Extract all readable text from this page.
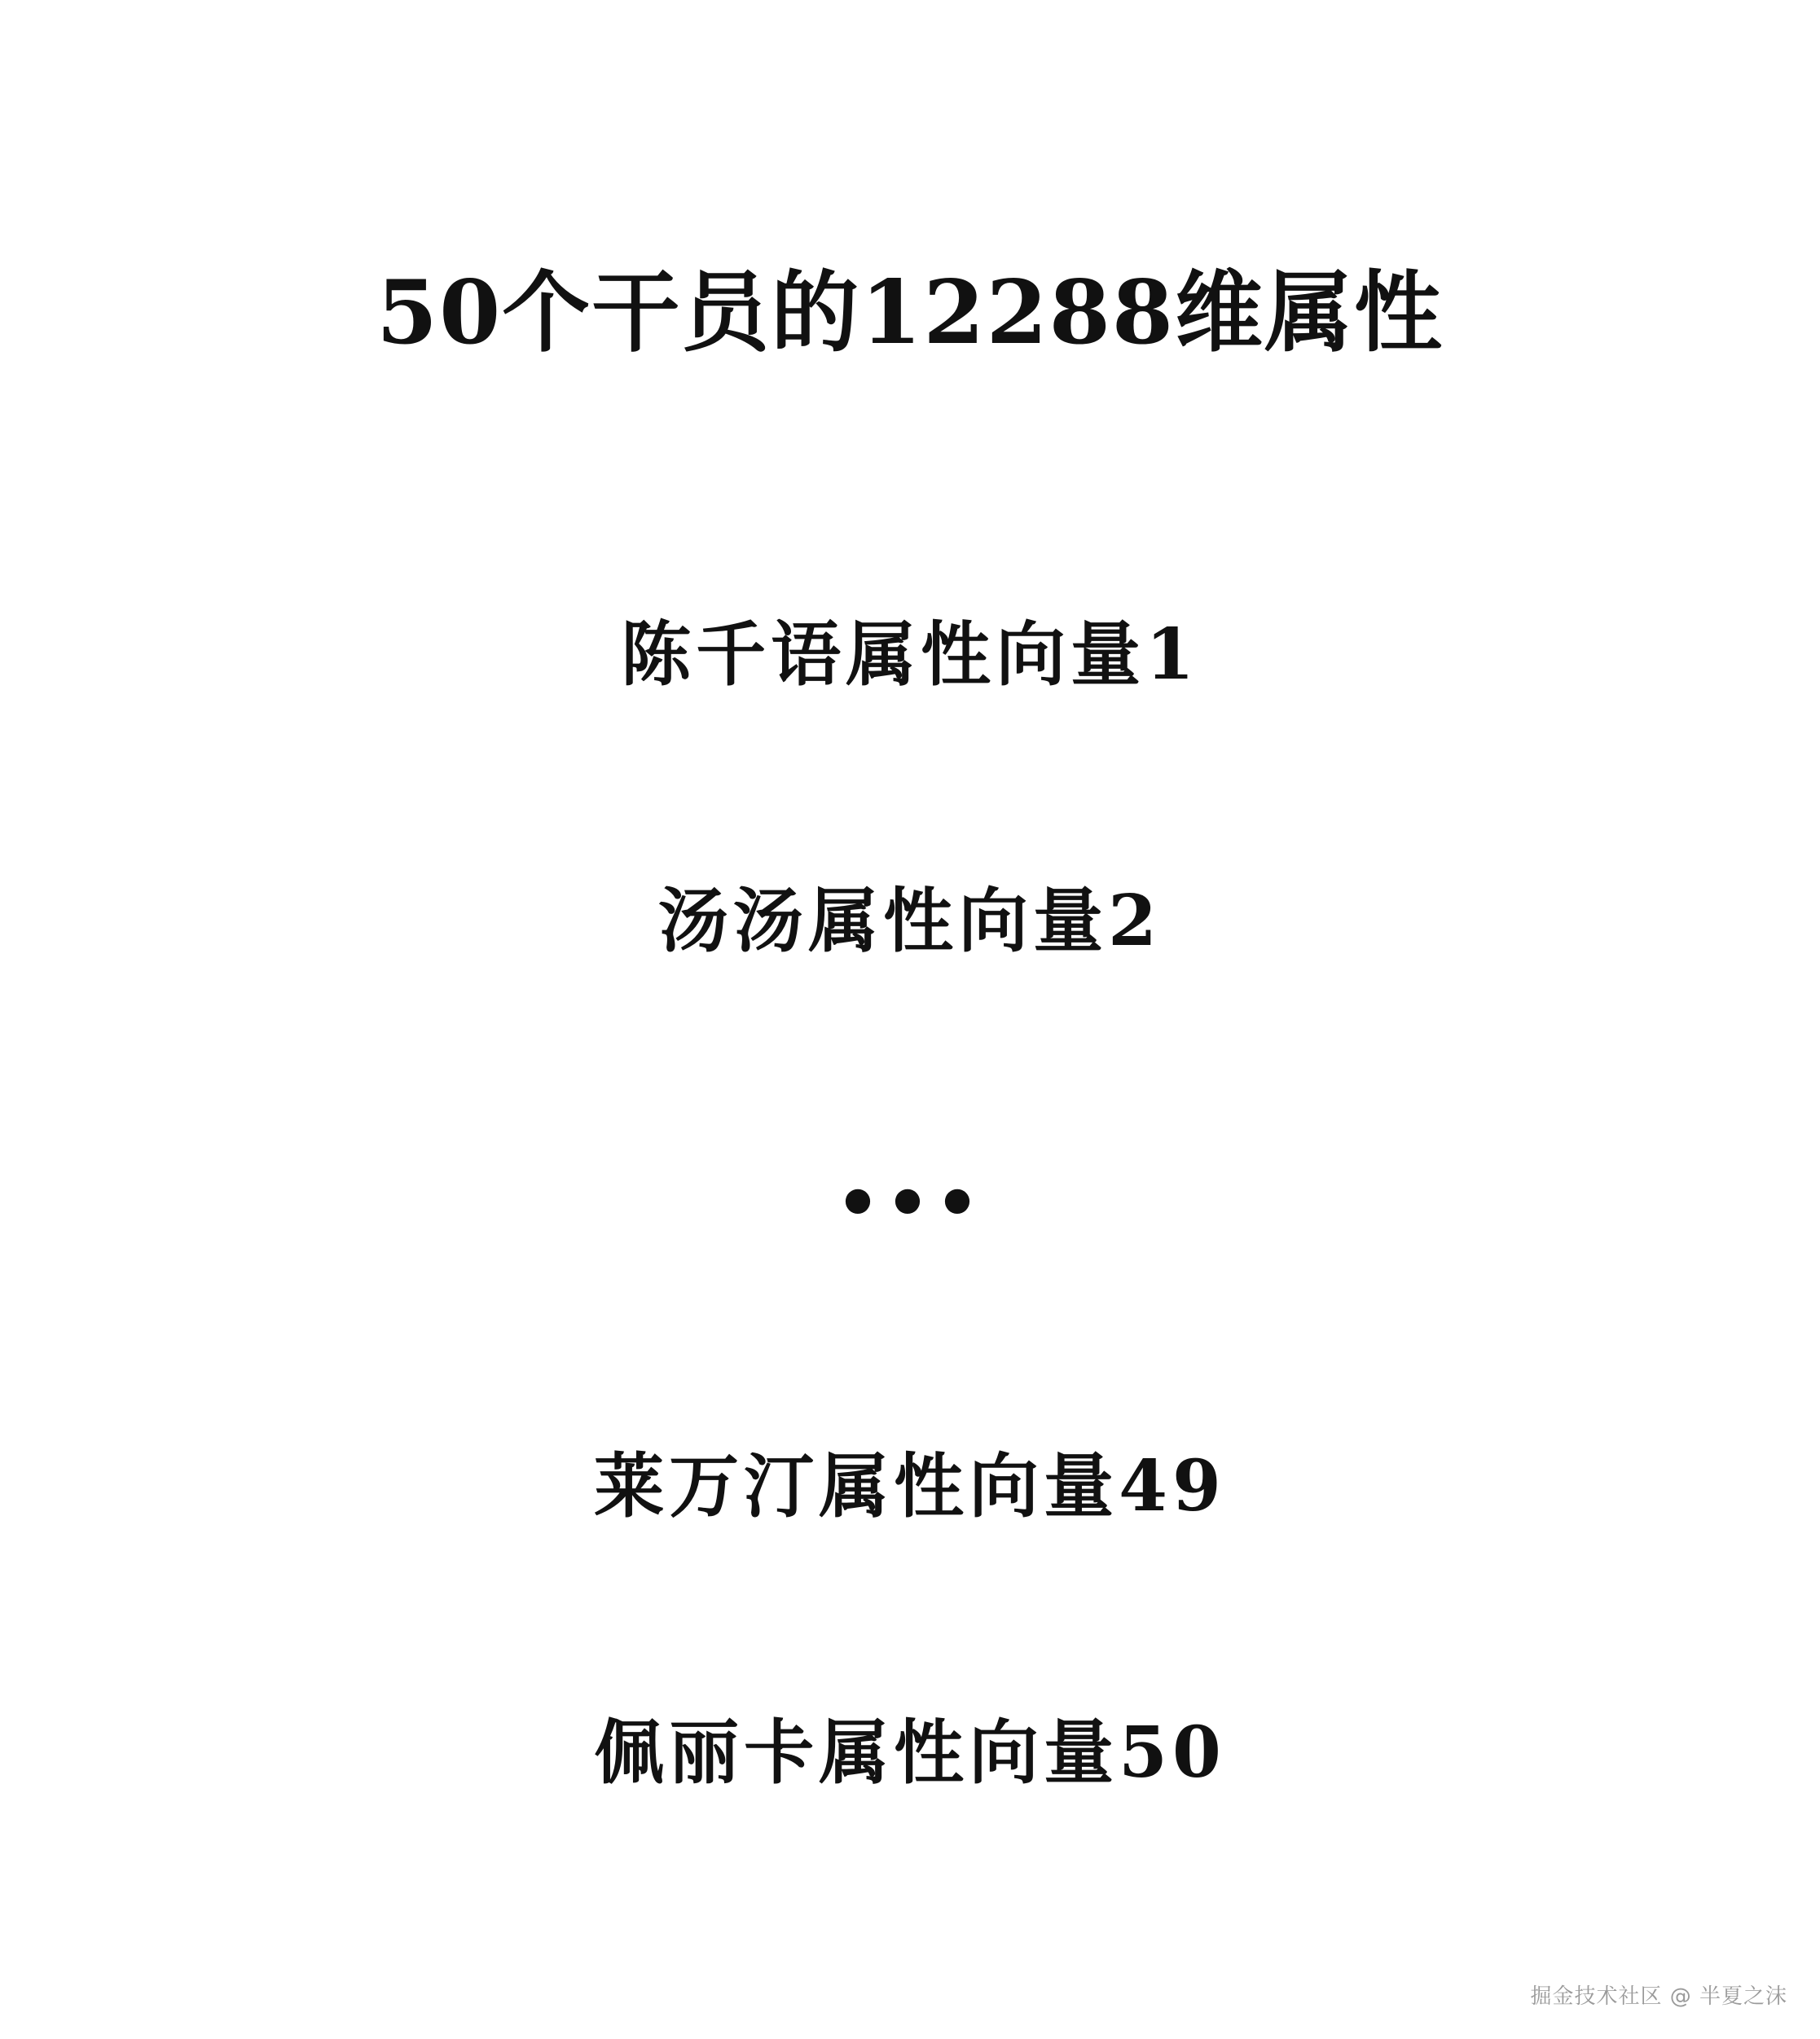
50个干员的12288维属性
陈千语属性向量1
汤汤属性向量2
•••
莱万汀属性向量49
佩丽卡属性向量50
掘金技术社区 @ 半夏之沫
